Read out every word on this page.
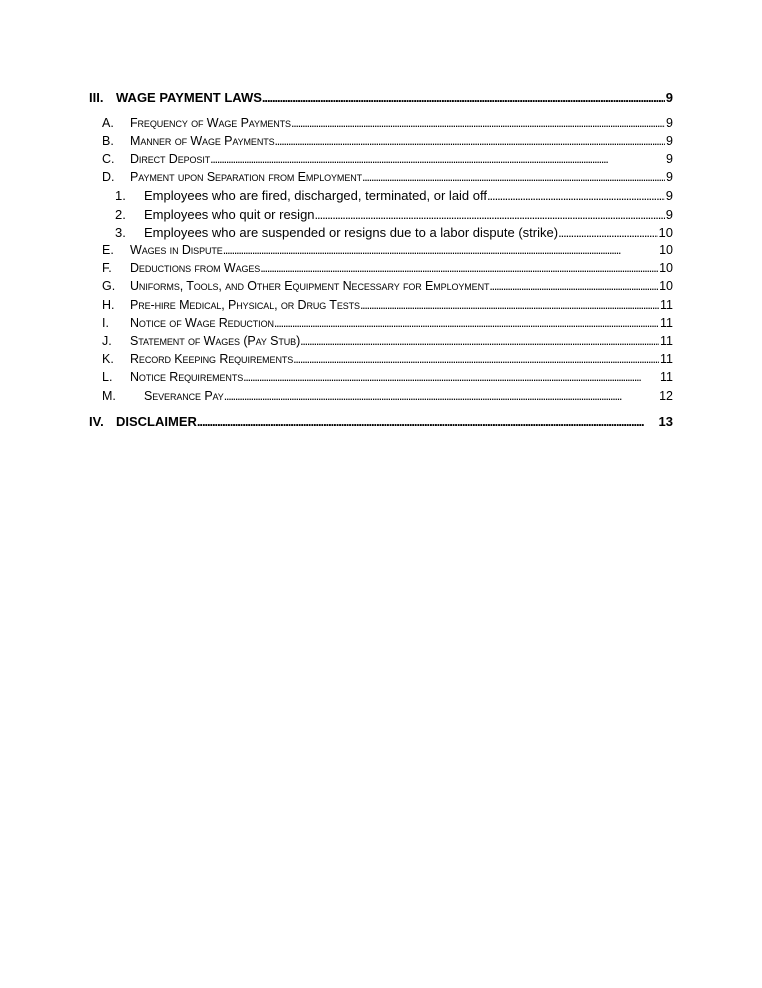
III. WAGE PAYMENT LAWS . . .	9
A.	Frequency of Wage Payments . . .	9
B.	Manner of Wage Payments . . .	9
C.	Direct Deposit . . .	9
D.	Payment upon Separation from Employment . . .	9
1.	Employees who are fired, discharged, terminated, or laid off . . .	9
2.	Employees who quit or resign . . .	9
3.	Employees who are suspended or resigns due to a labor dispute (strike) . . .	10
E.	Wages in Dispute . . .	10
F.	Deductions from Wages . . .	10
G.	Uniforms, Tools, and Other Equipment Necessary for Employment . . .	10
H.	Pre-hire Medical, Physical, or Drug Tests . . .	11
I.	Notice of Wage Reduction . . .	11
J.	Statement of Wages (Pay Stub) . . .	11
K.	Record Keeping Requirements . . .	11
L.	Notice Requirements . . .	11
M.	Severance Pay . . .	12
IV. DISCLAIMER . . .	13
